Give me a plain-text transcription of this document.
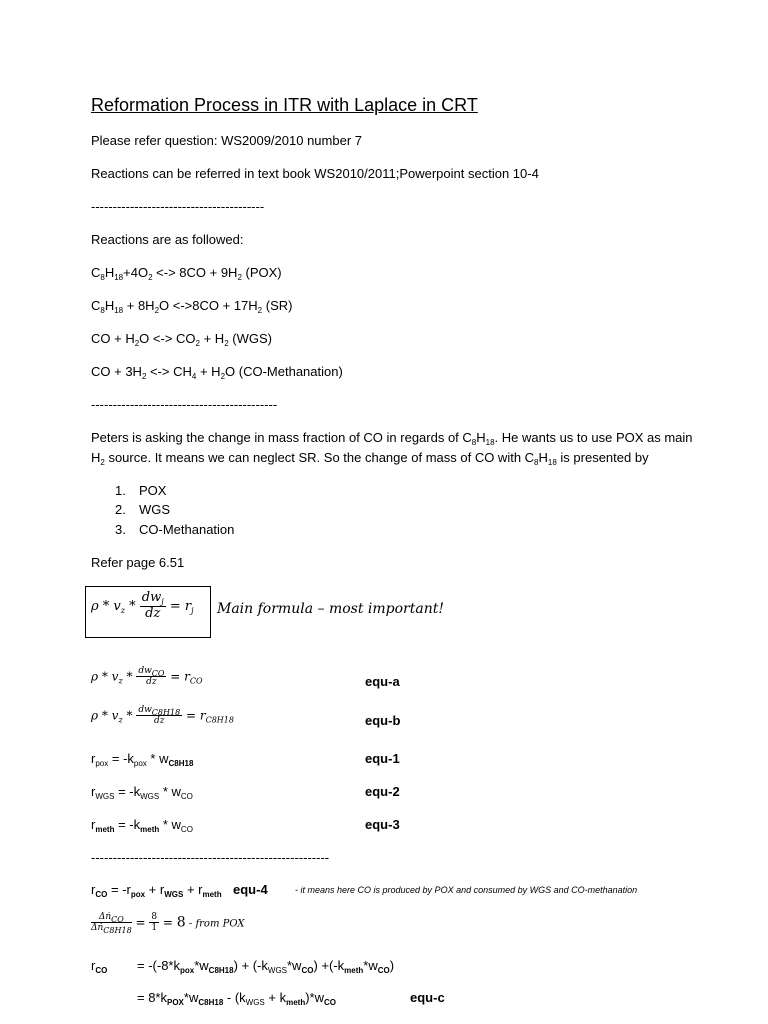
Reformation Process in ITR with Laplace in CRT
Please refer question: WS2009/2010 number 7
Reactions can be referred in text book WS2010/2011;Powerpoint section 10-4
----------------------------------------
Reactions are as followed:
$C_8H_{18}+4O_2$ <-> $8CO + 9H_2$ (POX)
$C_8H_{18} + 8H_2O <->8CO + 17H_2$ (SR)
CO + $H_2O$ <-> $CO_2 + H_2$ (WGS)
CO + $3H_2$ <-> $CH_4 + H_2O$ (CO-Methanation)
-------------------------------------------
Peters is asking the change in mass fraction of CO in regards of $C_8H_{18}$. He wants us to use POX as main
$H_2$ source. It means we can neglect SR. So the change of mass of CO with $C_8H_{18}$ is presented by
1. POX
2. WGS
3. CO-Methanation
Refer page 6.51
$\rho * v_z * \frac{dw_j}{dz} = r_j$ Main formula – most important!
$\rho * v_z * \frac{dw_{CO}}{dz} = r_{CO}$	equ-a
$\rho * v_z * \frac{dw_{C8H18}}{dz} = r_{C8H18}$	equ-b
$r_{pox} = -k_{pox} * w_{C8H18}$	equ-1
$r_{WGS} = -k_{WGS} * w_{CO}$	equ-2
$r_{meth} = -k_{meth} * w_{CO}$	equ-3
-------------------------------------------------------
$r_{CO} = -r_{pox} + r_{WGS} + r_{meth}$ equ-4	- it means here CO is produced by POX and consumed by WGS and CO-methanation
$\frac{\Delta ṅ_{CO}}{\Delta ṅ_{C8H18}} = \frac{8}{1} = 8$ - from POX
$r_{CO} = -(-8*k_{pox}*w_{C8H18}) + (-k_{WGS}*w_{CO}) +(-k_{meth}*w_{CO})$
= $8*k_{POX}*w_{C8H18} - (k_{WGS} + k_{meth})*w_{CO}$	equ-c
